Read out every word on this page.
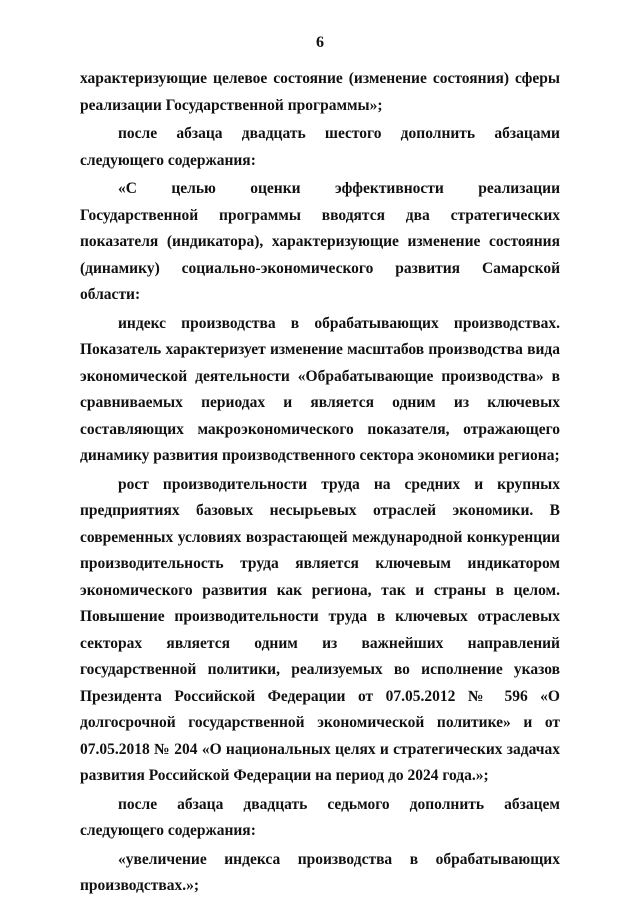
6

характеризующие целевое состояние (изменение состояния) сферы реализации Государственной программы»;

после абзаца двадцать шестого дополнить абзацами следующего содержания:

«С целью оценки эффективности реализации Государственной программы вводятся два стратегических показателя (индикатора), характеризующие изменение состояния (динамику) социально-экономического развития Самарской области:

индекс производства в обрабатывающих производствах. Показатель характеризует изменение масштабов производства вида экономической деятельности «Обрабатывающие производства» в сравниваемых периодах и является одним из ключевых составляющих макроэкономического показателя, отражающего динамику развития производственного сектора экономики региона;

рост производительности труда на средних и крупных предприятиях базовых несырьевых отраслей экономики. В современных условиях возрастающей международной конкуренции производительность труда является ключевым индикатором экономического развития как региона, так и страны в целом. Повышение производительности труда в ключевых отраслевых секторах является одним из важнейших направлений государственной политики, реализуемых во исполнение указов Президента Российской Федерации от 07.05.2012 № 596 «О долгосрочной государственной экономической политике» и от 07.05.2018 № 204 «О национальных целях и стратегических задачах развития Российской Федерации на период до 2024 года.»;

после абзаца двадцать седьмого дополнить абзацем следующего содержания:

«увеличение индекса производства в обрабатывающих производствах.»;
